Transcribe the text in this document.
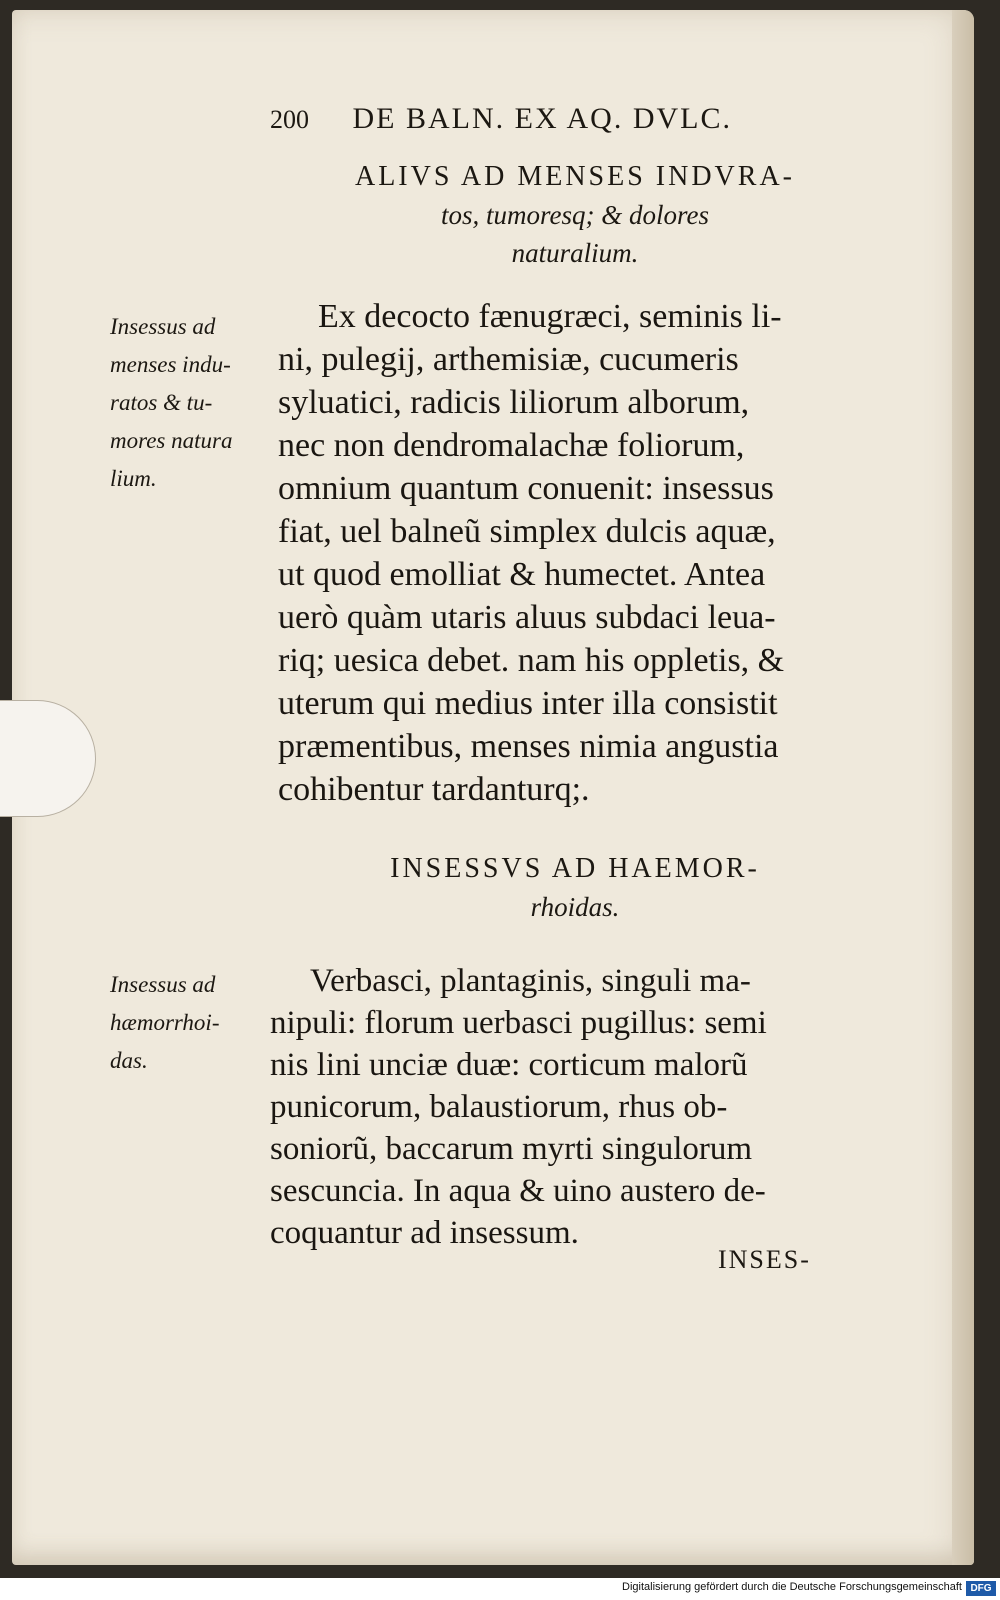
200 DE BALN. EX AQ. DVLC.
ALIVS AD MENSES INDVRA-
tos, tumoresq; & dolores
naturalium.
Insessus ad
menses indu-
ratos & tu-
mores natura
lium.
Ex decocto fænugræci, seminis li-
ni, pulegij, arthemisiæ, cucumeris
syluatici, radicis liliorum alborum,
nec non dendromalachæ foliorum,
omnium quantum conuenit: insessus
fiat, uel balneũ simplex dulcis aquæ,
ut quod emolliat & humectet. Antea
uerò quàm utaris aluus subdaci leua-
riq; uesica debet. nam his oppletis, &
uterum qui medius inter illa consistit
præmentibus, menses nimia angustia
cohibentur tardanturq;.
INSESSVS AD HAEMOR-
rhoidas.
Insessus ad
hæmorrhoi-
das.
Verbasci, plantaginis, singuli ma-
nipuli: florum uerbasci pugillus: semi
nis lini unciæ duæ: corticum malorũ
punicorum, balaustiorum, rhus ob-
soniorũ, baccarum myrti singulorum
sescuncia. In aqua & uino austero de-
coquantur ad insessum.
INSES-
Digitalisierung gefördert durch die Deutsche Forschungsgemeinschaft DFG
